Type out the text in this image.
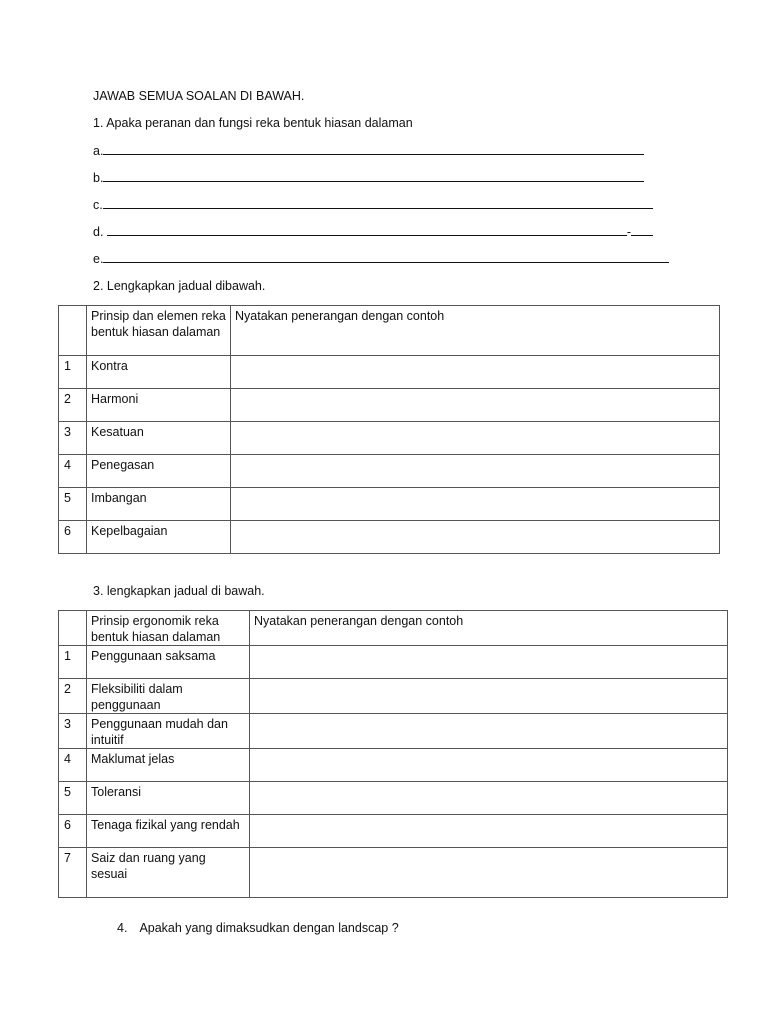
JAWAB SEMUA SOALAN DI BAWAH.
1. Apaka peranan dan fungsi reka bentuk hiasan dalaman
a.
b.
c.
d.	-
e.
2. Lengkapkan jadual dibawah.
	Prinsip dan elemen reka bentuk hiasan dalaman	Nyatakan penerangan dengan contoh
1	Kontra	
2	Harmoni	
3	Kesatuan	
4	Penegasan	
5	Imbangan	
6	Kepelbagaian	
3. lengkapkan jadual di bawah.
	Prinsip ergonomik reka bentuk hiasan dalaman	Nyatakan penerangan dengan contoh
1	Penggunaan saksama	
2	Fleksibiliti dalam penggunaan	
3	Penggunaan mudah dan intuitif	
4	Maklumat jelas	
5	Toleransi	
6	Tenaga fizikal yang rendah	
7	Saiz dan ruang yang sesuai	
4. Apakah yang dimaksudkan dengan landscap ?
